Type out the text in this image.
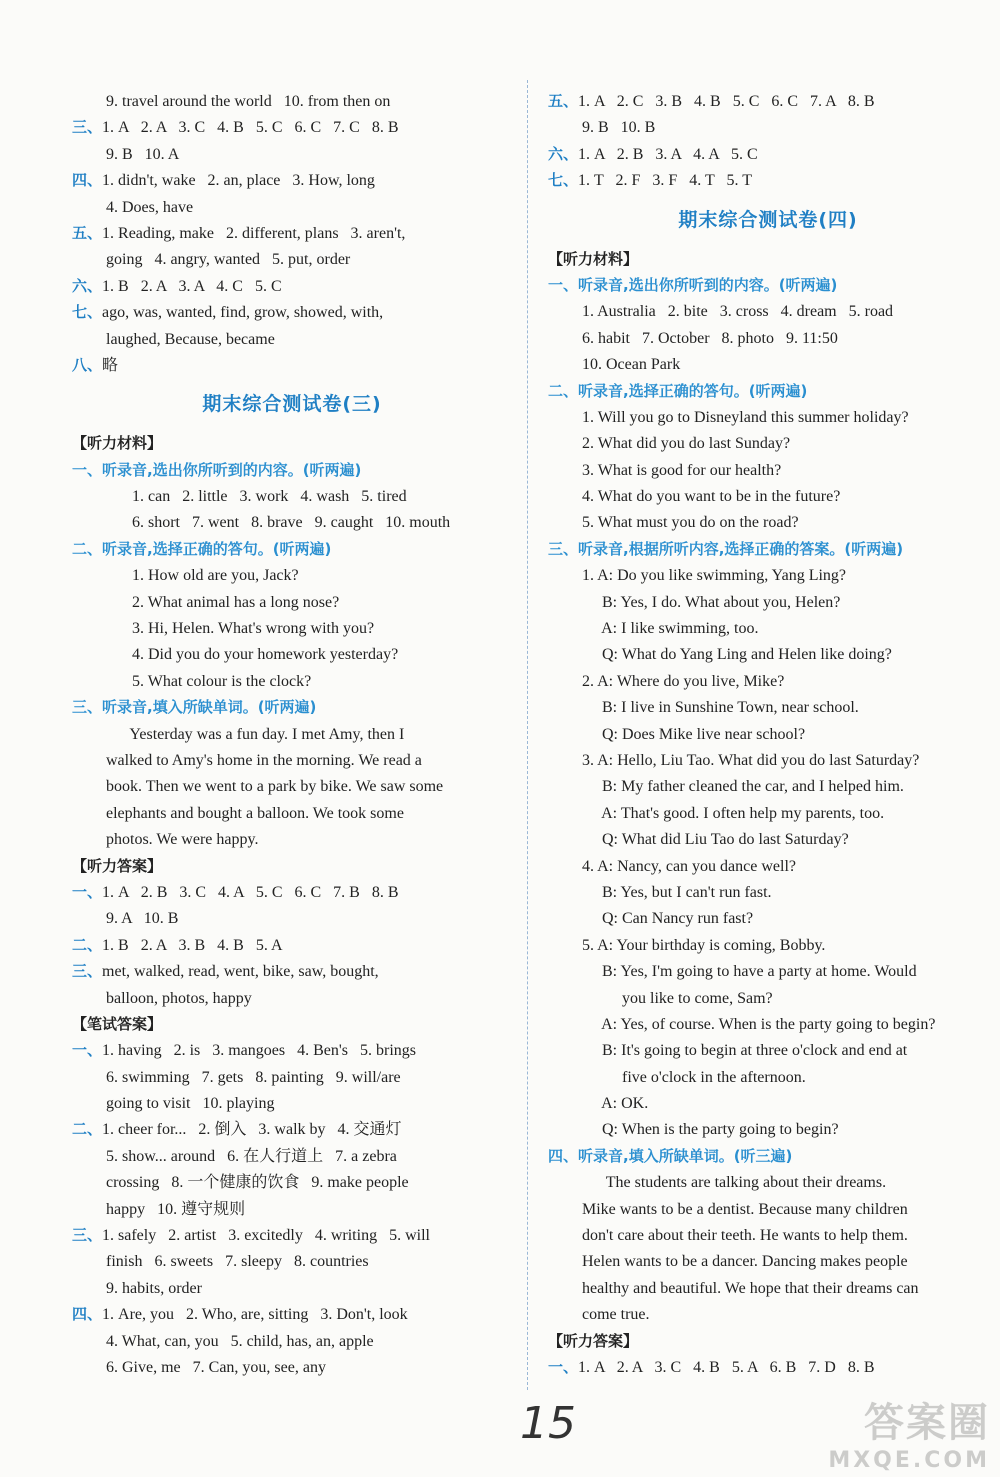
9. travel around the world   10. from then on
三、1. A   2. A   3. C   4. B   5. C   6. C   7. C   8. B
9. B   10. A
四、1. didn't, wake   2. an, place   3. How, long
4. Does, have
五、1. Reading, make   2. different, plans   3. aren't,
going   4. angry, wanted   5. put, order
六、1. B   2. A   3. A   4. C   5. C
七、ago, was, wanted, find, grow, showed, with,
laughed, Because, became
八、略
期末综合测试卷(三)
【听力材料】
一、听录音,选出你所听到的内容。(听两遍)
1. can   2. little   3. work   4. wash   5. tired
6. short   7. went   8. brave   9. caught   10. mouth
二、听录音,选择正确的答句。(听两遍)
1. How old are you, Jack?
2. What animal has a long nose?
3. Hi, Helen. What's wrong with you?
4. Did you do your homework yesterday?
5. What colour is the clock?
三、听录音,填入所缺单词。(听两遍)
Yesterday was a fun day. I met Amy, then I
walked to Amy's home in the morning. We read a
book. Then we went to a park by bike. We saw some
elephants and bought a balloon. We took some
photos. We were happy.
【听力答案】
一、1. A   2. B   3. C   4. A   5. C   6. C   7. B   8. B
9. A   10. B
二、1. B   2. A   3. B   4. B   5. A
三、met, walked, read, went, bike, saw, bought,
balloon, photos, happy
【笔试答案】
一、1. having   2. is   3. mangoes   4. Ben's   5. brings
6. swimming   7. gets   8. painting   9. will/are
going to visit   10. playing
二、1. cheer for...   2. 倒入   3. walk by   4. 交通灯
5. show... around   6. 在人行道上   7. a zebra
crossing   8. 一个健康的饮食   9. make people
happy   10. 遵守规则
三、1. safely   2. artist   3. excitedly   4. writing   5. will
finish   6. sweets   7. sleepy   8. countries
9. habits, order
四、1. Are, you   2. Who, are, sitting   3. Don't, look
4. What, can, you   5. child, has, an, apple
6. Give, me   7. Can, you, see, any
五、1. A   2. C   3. B   4. B   5. C   6. C   7. A   8. B
9. B   10. B
六、1. A   2. B   3. A   4. A   5. C
七、1. T   2. F   3. F   4. T   5. T
期末综合测试卷(四)
【听力材料】
一、听录音,选出你所听到的内容。(听两遍)
1. Australia   2. bite   3. cross   4. dream   5. road
6. habit   7. October   8. photo   9. 11:50
10. Ocean Park
二、听录音,选择正确的答句。(听两遍)
1. Will you go to Disneyland this summer holiday?
2. What did you do last Sunday?
3. What is good for our health?
4. What do you want to be in the future?
5. What must you do on the road?
三、听录音,根据所听内容,选择正确的答案。(听两遍)
1. A: Do you like swimming, Yang Ling?
B: Yes, I do. What about you, Helen?
A: I like swimming, too.
Q: What do Yang Ling and Helen like doing?
2. A: Where do you live, Mike?
B: I live in Sunshine Town, near school.
Q: Does Mike live near school?
3. A: Hello, Liu Tao. What did you do last Saturday?
B: My father cleaned the car, and I helped him.
A: That's good. I often help my parents, too.
Q: What did Liu Tao do last Saturday?
4. A: Nancy, can you dance well?
B: Yes, but I can't run fast.
Q: Can Nancy run fast?
5. A: Your birthday is coming, Bobby.
B: Yes, I'm going to have a party at home. Would
you like to come, Sam?
A: Yes, of course. When is the party going to begin?
B: It's going to begin at three o'clock and end at
five o'clock in the afternoon.
A: OK.
Q: When is the party going to begin?
四、听录音,填入所缺单词。(听三遍)
The students are talking about their dreams.
Mike wants to be a dentist. Because many children
don't care about their teeth. He wants to help them.
Helen wants to be a dancer. Dancing makes people
healthy and beautiful. We hope that their dreams can
come true.
【听力答案】
一、1. A   2. A   3. C   4. B   5. A   6. B   7. D   8. B
15	答案圈
MXQE.COM
